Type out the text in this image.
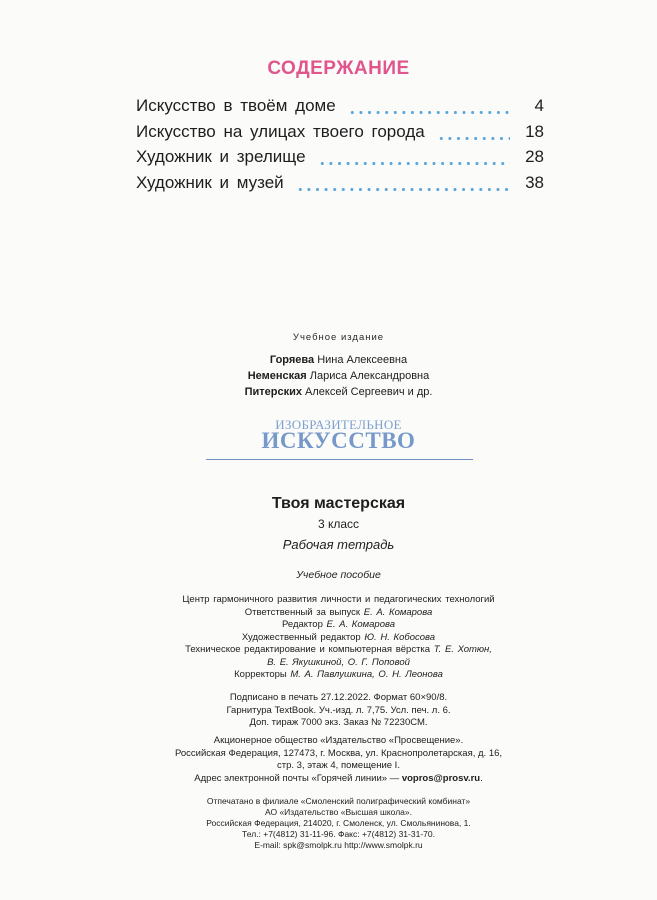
СОДЕРЖАНИЕ
Искусство в твоём доме	4
Искусство на улицах твоего города	18
Художник и зрелище	28
Художник и музей	38
Учебное издание
Горяева Нина Алексеевна
Неменская Лариса Александровна
Питерских Алексей Сергеевич и др.
ИЗОБРАЗИТЕЛЬНОЕ
ИСКУССТВО
Твоя мастерская
3 класс
Рабочая тетрадь
Учебное пособие
Центр гармоничного развития личности и педагогических технологий
Ответственный за выпуск Е. А. Комарова
Редактор Е. А. Комарова
Художественный редактор Ю. Н. Кобосова
Техническое редактирование и компьютерная вёрстка Т. Е. Хотюн,
В. Е. Якушкиной, О. Г. Поповой
Корректоры М. А. Павлушкина, О. Н. Леонова
Подписано в печать 27.12.2022. Формат 60×90/8.
Гарнитура TextBook. Уч.-изд. л. 7,75. Усл. печ. л. 6.
Доп. тираж 7000 экз. Заказ № 72230СМ.
Акционерное общество «Издательство «Просвещение».
Российская Федерация, 127473, г. Москва, ул. Краснопролетарская, д. 16,
стр. 3, этаж 4, помещение I.
Адрес электронной почты «Горячей линии» — vopros@prosv.ru.
Отпечатано в филиале «Смоленский полиграфический комбинат»
АО «Издательство «Высшая школа».
Российская Федерация, 214020, г. Смоленск, ул. Смольянинова, 1.
Тел.: +7(4812) 31-11-96. Факс: +7(4812) 31-31-70.
E-mail: spk@smolpk.ru http://www.smolpk.ru
